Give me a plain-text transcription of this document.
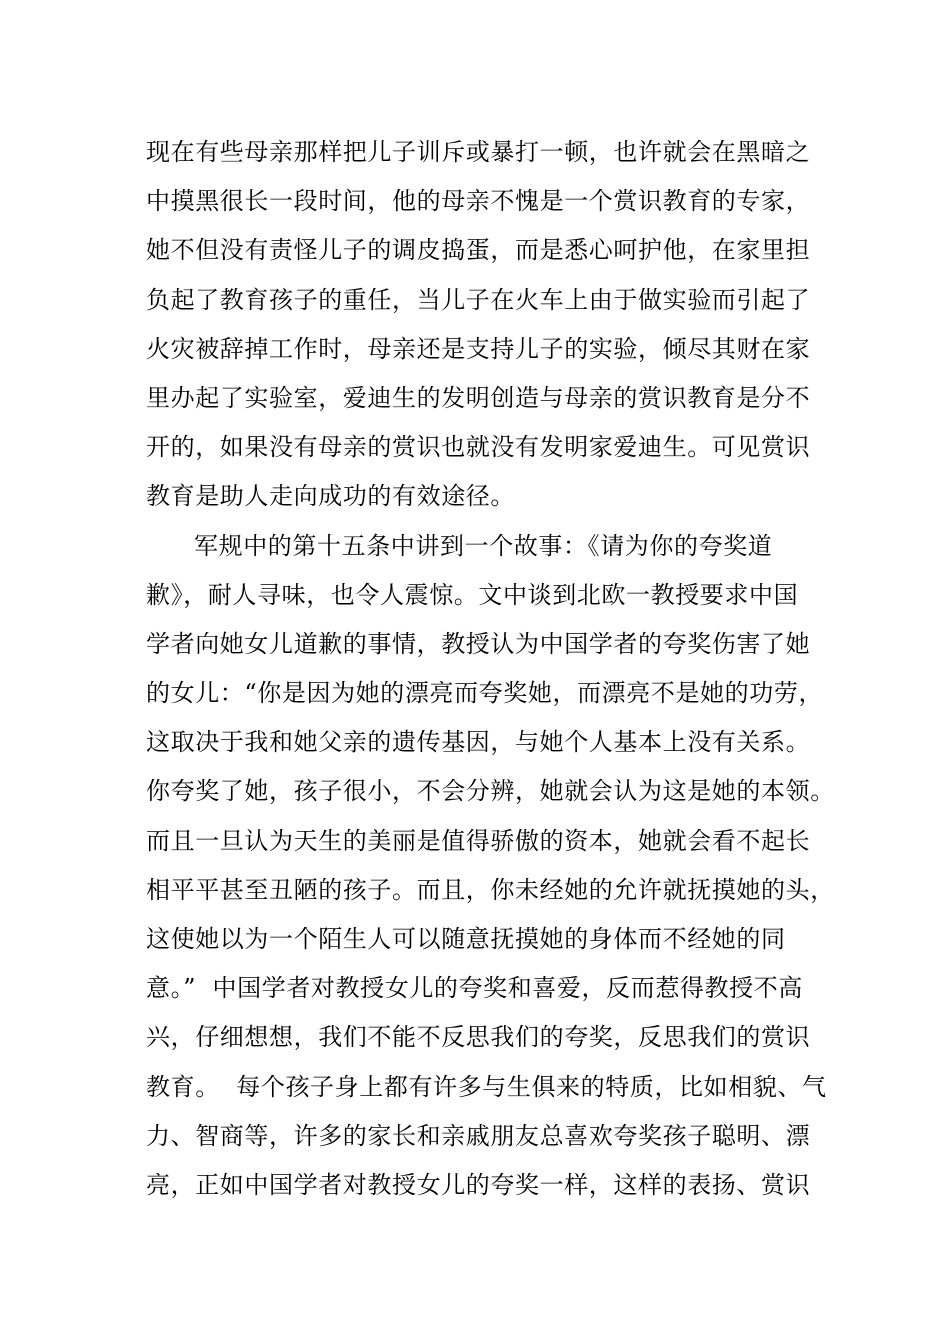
现在有些母亲那样把儿子训斥或暴打一顿，也许就会在黑暗之
中摸黑很长一段时间，他的母亲不愧是一个赏识教育的专家，
她不但没有责怪儿子的调皮捣蛋，而是悉心呵护他，在家里担
负起了教育孩子的重任，当儿子在火车上由于做实验而引起了
火灾被辞掉工作时，母亲还是支持儿子的实验，倾尽其财在家
里办起了实验室，爱迪生的发明创造与母亲的赏识教育是分不
开的，如果没有母亲的赏识也就没有发明家爱迪生。可见赏识
教育是助人走向成功的有效途径。
军规中的第十五条中讲到一个故事：《请为你的夸奖道
歉》，耐人寻味，也令人震惊。文中谈到北欧一教授要求中国
学者向她女儿道歉的事情，教授认为中国学者的夸奖伤害了她
的女儿：“你是因为她的漂亮而夸奖她，而漂亮不是她的功劳，
这取决于我和她父亲的遗传基因，与她个人基本上没有关系。
你夸奖了她，孩子很小，不会分辨，她就会认为这是她的本领。
而且一旦认为天生的美丽是值得骄傲的资本，她就会看不起长
相平平甚至丑陋的孩子。而且，你未经她的允许就抚摸她的头，
这使她以为一个陌生人可以随意抚摸她的身体而不经她的同
意。”  中国学者对教授女儿的夸奖和喜爱，反而惹得教授不高
兴，仔细想想，我们不能不反思我们的夸奖，反思我们的赏识
教育。  每个孩子身上都有许多与生俱来的特质，比如相貌、气
力、智商等，许多的家长和亲戚朋友总喜欢夸奖孩子聪明、漂
亮，正如中国学者对教授女儿的夸奖一样，这样的表扬、赏识
